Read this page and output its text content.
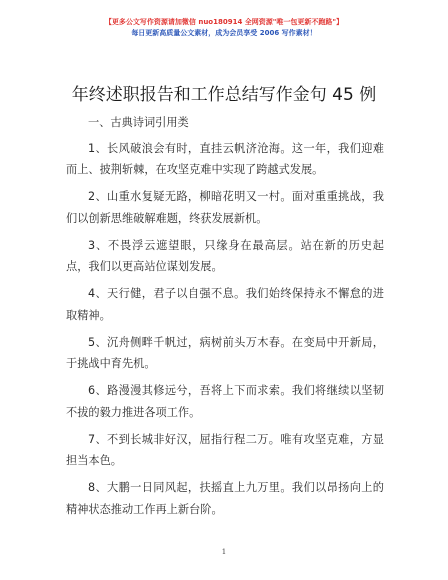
【更多公文写作资源请加微信 nuo180914 全网资源"唯一包更新不跑路"】
每日更新高质量公文素材，成为会员享受 2006 写作素材！
年终述职报告和工作总结写作金句 45 例

一、古典诗词引用类

1、长风破浪会有时，直挂云帆济沧海。这一年，我们迎难而上、披荆斩棘，在攻坚克难中实现了跨越式发展。

2、山重水复疑无路，柳暗花明又一村。面对重重挑战，我们以创新思维破解难题，终获发展新机。

3、不畏浮云遮望眼，只缘身在最高层。站在新的历史起点，我们以更高站位谋划发展。

4、天行健，君子以自强不息。我们始终保持永不懈怠的进取精神。

5、沉舟侧畔千帆过，病树前头万木春。在变局中开新局，于挑战中育先机。

6、路漫漫其修远兮，吾将上下而求索。我们将继续以坚韧不拔的毅力推进各项工作。

7、不到长城非好汉，屈指行程二万。唯有攻坚克难，方显担当本色。

8、大鹏一日同风起，扶摇直上九万里。我们以昂扬向上的精神状态推动工作再上新台阶。

1
